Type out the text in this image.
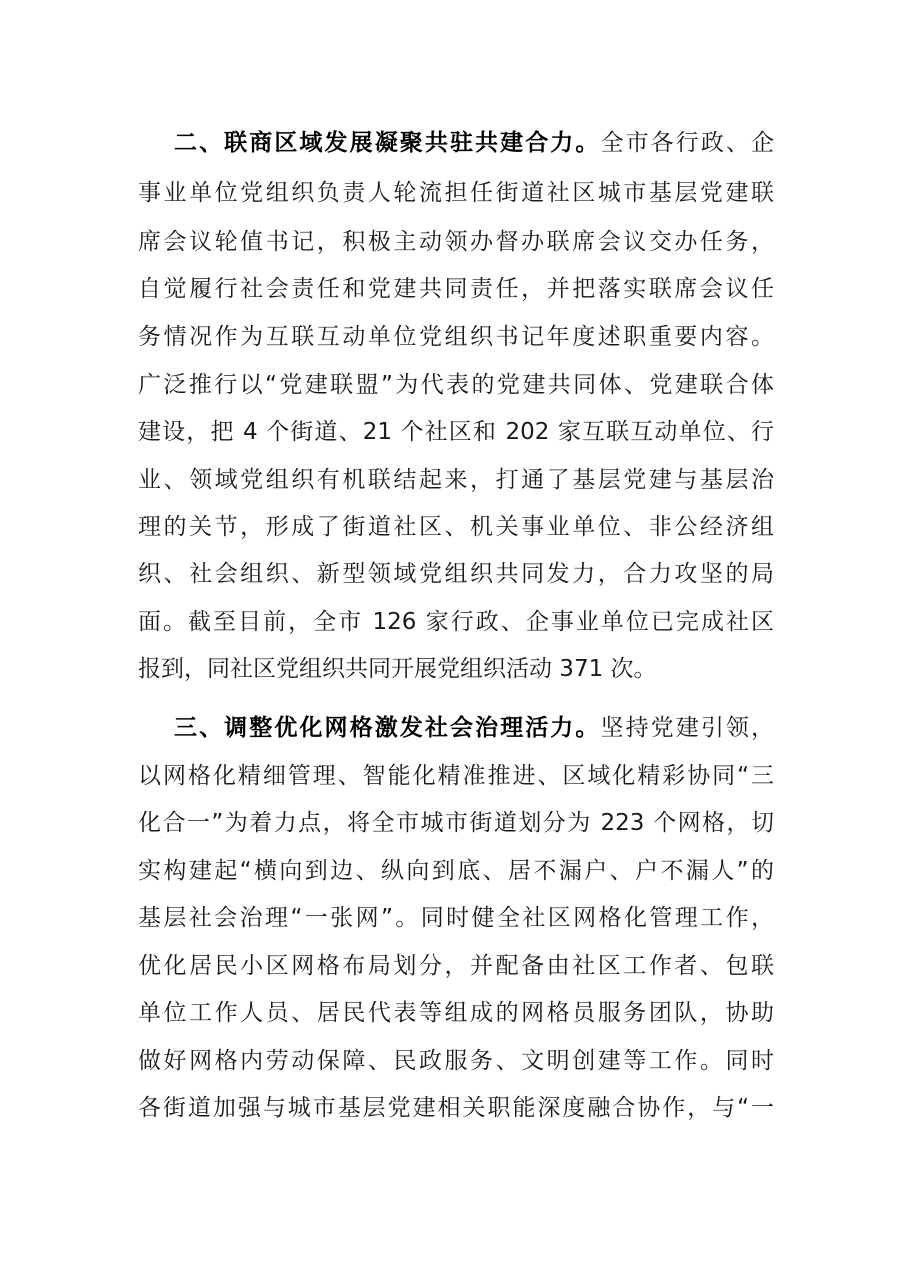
二、联商区域发展凝聚共驻共建合力。全市各行政、企
事业单位党组织负责人轮流担任街道社区城市基层党建联
席会议轮值书记，积极主动领办督办联席会议交办任务，
自觉履行社会责任和党建共同责任，并把落实联席会议任
务情况作为互联互动单位党组织书记年度述职重要内容。
广泛推行以“党建联盟”为代表的党建共同体、党建联合体
建设，把 4 个街道、21 个社区和 202 家互联互动单位、行
业、领域党组织有机联结起来，打通了基层党建与基层治
理的关节，形成了街道社区、机关事业单位、非公经济组
织、社会组织、新型领域党组织共同发力，合力攻坚的局
面。截至目前，全市 126 家行政、企事业单位已完成社区
报到，同社区党组织共同开展党组织活动 371 次。
三、调整优化网格激发社会治理活力。坚持党建引领，
以网格化精细管理、智能化精准推进、区域化精彩协同“三
化合一”为着力点，将全市城市街道划分为 223 个网格，切
实构建起“横向到边、纵向到底、居不漏户、户不漏人”的
基层社会治理“一张网”。同时健全社区网格化管理工作，
优化居民小区网格布局划分，并配备由社区工作者、包联
单位工作人员、居民代表等组成的网格员服务团队，协助
做好网格内劳动保障、民政服务、文明创建等工作。同时
各街道加强与城市基层党建相关职能深度融合协作，与“一
